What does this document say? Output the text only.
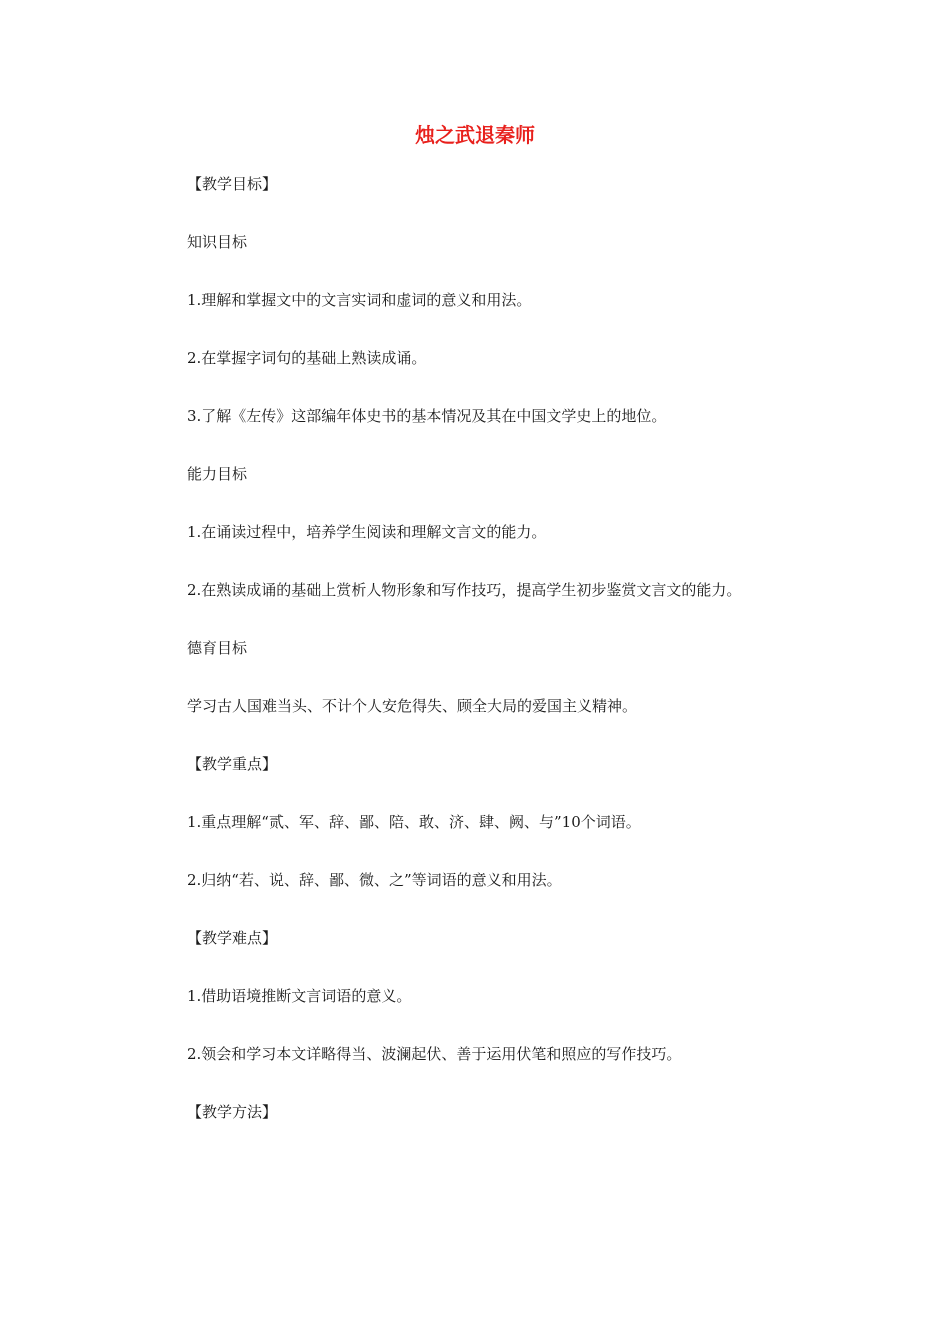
烛之武退秦师

【教学目标】

知识目标

1.理解和掌握文中的文言实词和虚词的意义和用法。

2.在掌握字词句的基础上熟读成诵。

3.了解《左传》这部编年体史书的基本情况及其在中国文学史上的地位。

能力目标

1.在诵读过程中，培养学生阅读和理解文言文的能力。

2.在熟读成诵的基础上赏析人物形象和写作技巧，提高学生初步鉴赏文言文的能力。

德育目标

学习古人国难当头、不计个人安危得失、顾全大局的爱国主义精神。

【教学重点】

1.重点理解“贰、军、辞、鄙、陪、敢、济、肆、阙、与”10个词语。

2.归纳“若、说、辞、鄙、微、之”等词语的意义和用法。

【教学难点】

1.借助语境推断文言词语的意义。

2.领会和学习本文详略得当、波澜起伏、善于运用伏笔和照应的写作技巧。

【教学方法】
